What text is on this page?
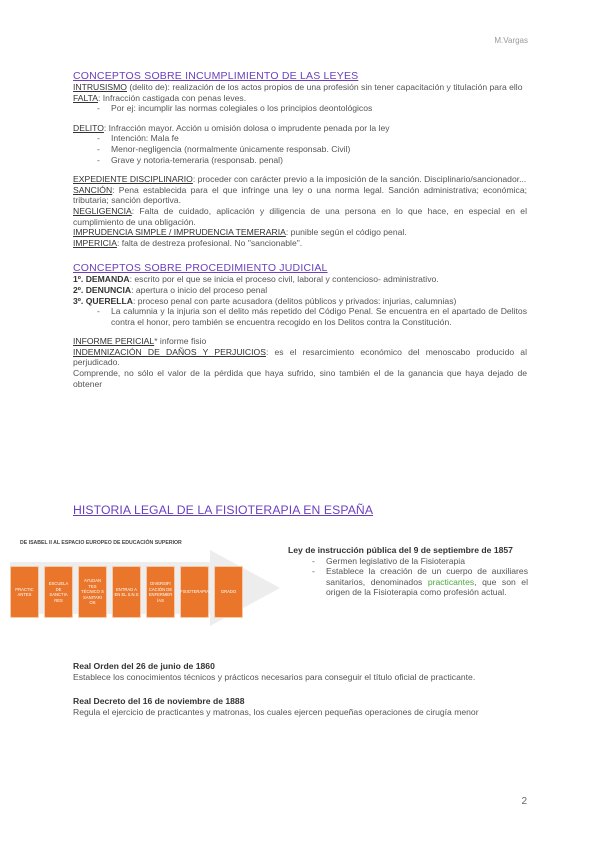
M.Vargas
CONCEPTOS SOBRE INCUMPLIMIENTO DE LAS LEYES

INTRUSISMO (delito de): realización de los actos propios de una profesión sin tener capacitación y titulación para ello

FALTA: Infracción castigada con penas leves.

- Por ej: incumplir las normas colegiales o los principios deontológicos

DELITO: Infracción mayor. Acción u omisión dolosa o imprudente penada por la ley

- Intención: Mala fe
- Menor-negligencia (normalmente únicamente responsab. Civil)
- Grave y notoria-temeraria (responsab. penal)

EXPEDIENTE DISCIPLINARIO: proceder con carácter previo a la imposición de la sanción. Disciplinario/sancionador...

SANCIÓN: Pena establecida para el que infringe una ley o una norma legal. Sanción administrativa; económica; tributaria; sanción deportiva.

NEGLIGENCIA: Falta de cuidado, aplicación y diligencia de una persona en lo que hace, en especial en el cumplimiento de una obligación.

IMPRUDENCIA SIMPLE / IMPRUDENCIA TEMERARIA: punible según el código penal.

IMPERICIA: falta de destreza profesional. No "sancionable".

CONCEPTOS SOBRE PROCEDIMIENTO JUDICIAL

1º. DEMANDA: escrito por el que se inicia el proceso civil, laboral y contencioso- administrativo.

2º. DENUNCIA: apertura o inicio del proceso penal

3º. QUERELLA: proceso penal con parte acusadora (delitos públicos y privados: injurias, calumnias)

- La calumnia y la injuria son el delito más repetido del Código Penal. Se encuentra en el apartado de Delitos contra el honor, pero también se encuentra recogido en los Delitos contra la Constitución.

INFORME PERICIAL* informe fisio

INDEMNIZACIÓN DE DAÑOS Y PERJUICIOS: es el resarcimiento económico del menoscabo producido al perjudicado.

Comprende, no sólo el valor de la pérdida que haya sufrido, sino también el de la ganancia que haya dejado de obtener

HISTORIA LEGAL DE LA FISIOTERAPIA EN ESPAÑA
DE ISABEL II AL ESPACIO EUROPEO DE EDUCACIÓN SUPERIOR
PRACTIC ANTES
ESCUELA DE SANCTIA RES
AYUDAN TES TÉCNICO S SANITARI OS
ENTRAD A EN EL S.N.S
DIVERSIFI CACIÓN DE ENFERMER ÍAS
FISIOTERAPIA	GRADO

Ley de instrucción pública del 9 de septiembre de 1857

- Germen legislativo de la Fisioterapia
- Establece la creación de un cuerpo de auxiliares sanitarios, denominados practicantes, que son el origen de la Fisioterapia como profesión actual.

Real Orden del 26 de junio de 1860

Establece los conocimientos técnicos y prácticos necesarios para conseguir el título oficial de practicante.

Real Decreto del 16 de noviembre de 1888

Regula el ejercicio de practicantes y matronas, los cuales ejercen pequeñas operaciones de cirugía menor

2
